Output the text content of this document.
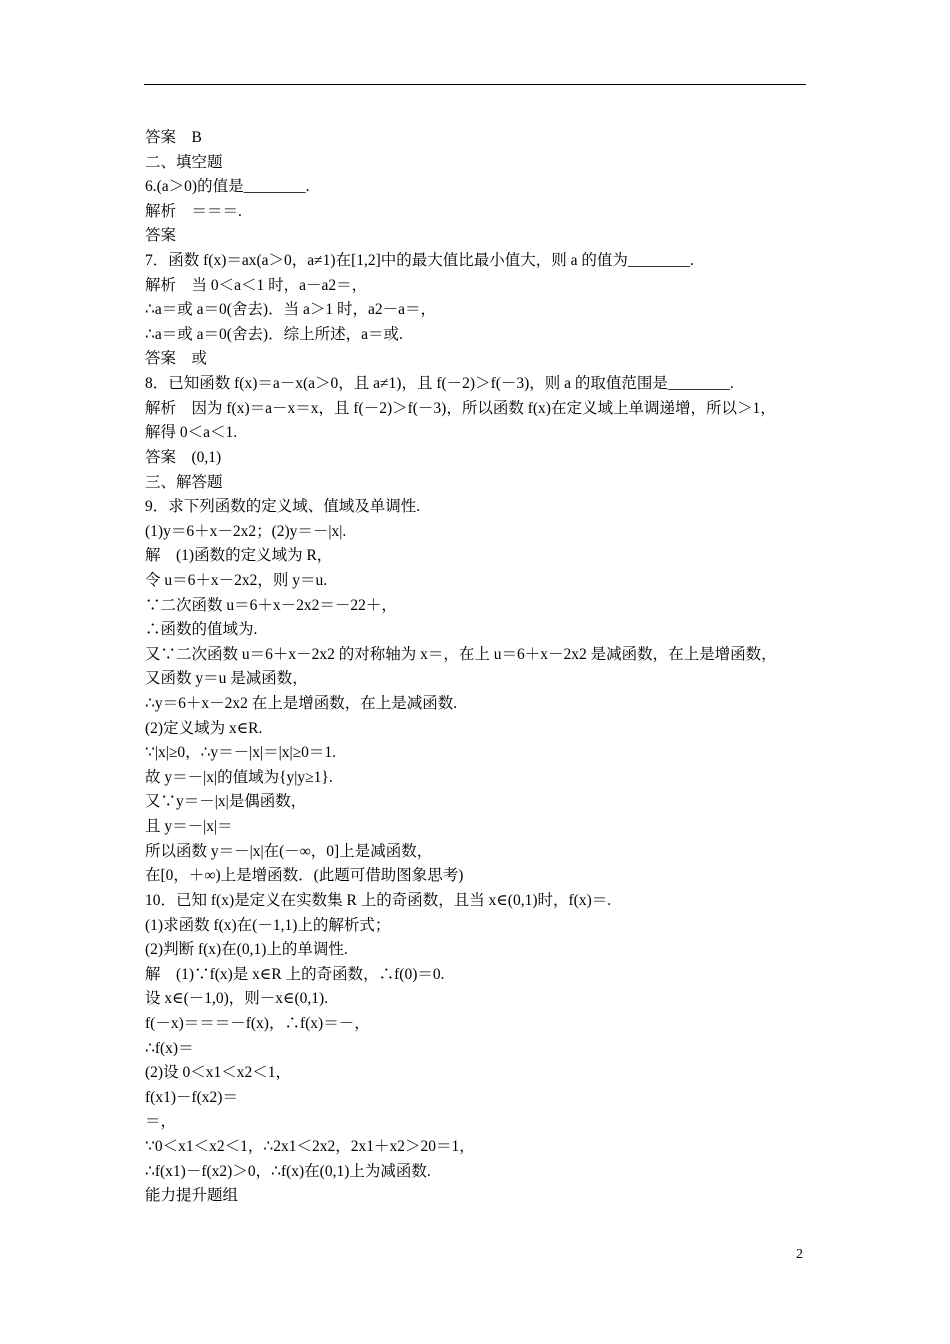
答案　B
二、填空题
6.(a＞0)的值是________.
解析　＝＝＝.
答案
7．函数 f(x)＝ax(a＞0，a≠1)在[1,2]中的最大值比最小值大，则 a 的值为________.
解析　当 0＜a＜1 时，a－a2＝，
∴a＝或 a＝0(舍去)．当 a＞1 时，a2－a＝，
∴a＝或 a＝0(舍去)．综上所述，a＝或.
答案　或
8．已知函数 f(x)＝a－x(a＞0，且 a≠1)，且 f(－2)＞f(－3)，则 a 的取值范围是________.
解析　因为 f(x)＝a－x＝x，且 f(－2)＞f(－3)，所以函数 f(x)在定义域上单调递增，所以＞1，
解得 0＜a＜1.
答案　(0,1)
三、解答题
9．求下列函数的定义域、值域及单调性.
(1)y＝6＋x－2x2；(2)y＝－|x|.
解　(1)函数的定义域为 R，
令 u＝6＋x－2x2，则 y＝u.
∵二次函数 u＝6＋x－2x2＝－22＋，
∴函数的值域为.
又∵二次函数 u＝6＋x－2x2 的对称轴为 x＝，在上 u＝6＋x－2x2 是减函数，在上是增函数，
又函数 y＝u 是减函数，
∴y＝6＋x－2x2 在上是增函数，在上是减函数.
(2)定义域为 x∈R.
∵|x|≥0，∴y＝－|x|＝|x|≥0＝1.
故 y＝－|x|的值域为{y|y≥1}.
又∵y＝－|x|是偶函数，
且 y＝－|x|＝
所以函数 y＝－|x|在(－∞，0]上是减函数，
在[0，＋∞)上是增函数．(此题可借助图象思考)
10．已知 f(x)是定义在实数集 R 上的奇函数，且当 x∈(0,1)时，f(x)＝.
(1)求函数 f(x)在(－1,1)上的解析式；
(2)判断 f(x)在(0,1)上的单调性.
解　(1)∵f(x)是 x∈R 上的奇函数，∴f(0)＝0.
设 x∈(－1,0)，则－x∈(0,1).
f(－x)＝＝＝－f(x)，∴f(x)＝－，
∴f(x)＝
(2)设 0＜x1＜x2＜1，
f(x1)－f(x2)＝
＝，
∵0＜x1＜x2＜1，∴2x1＜2x2，2x1＋x2＞20＝1，
∴f(x1)－f(x2)＞0，∴f(x)在(0,1)上为减函数.
能力提升题组
2
